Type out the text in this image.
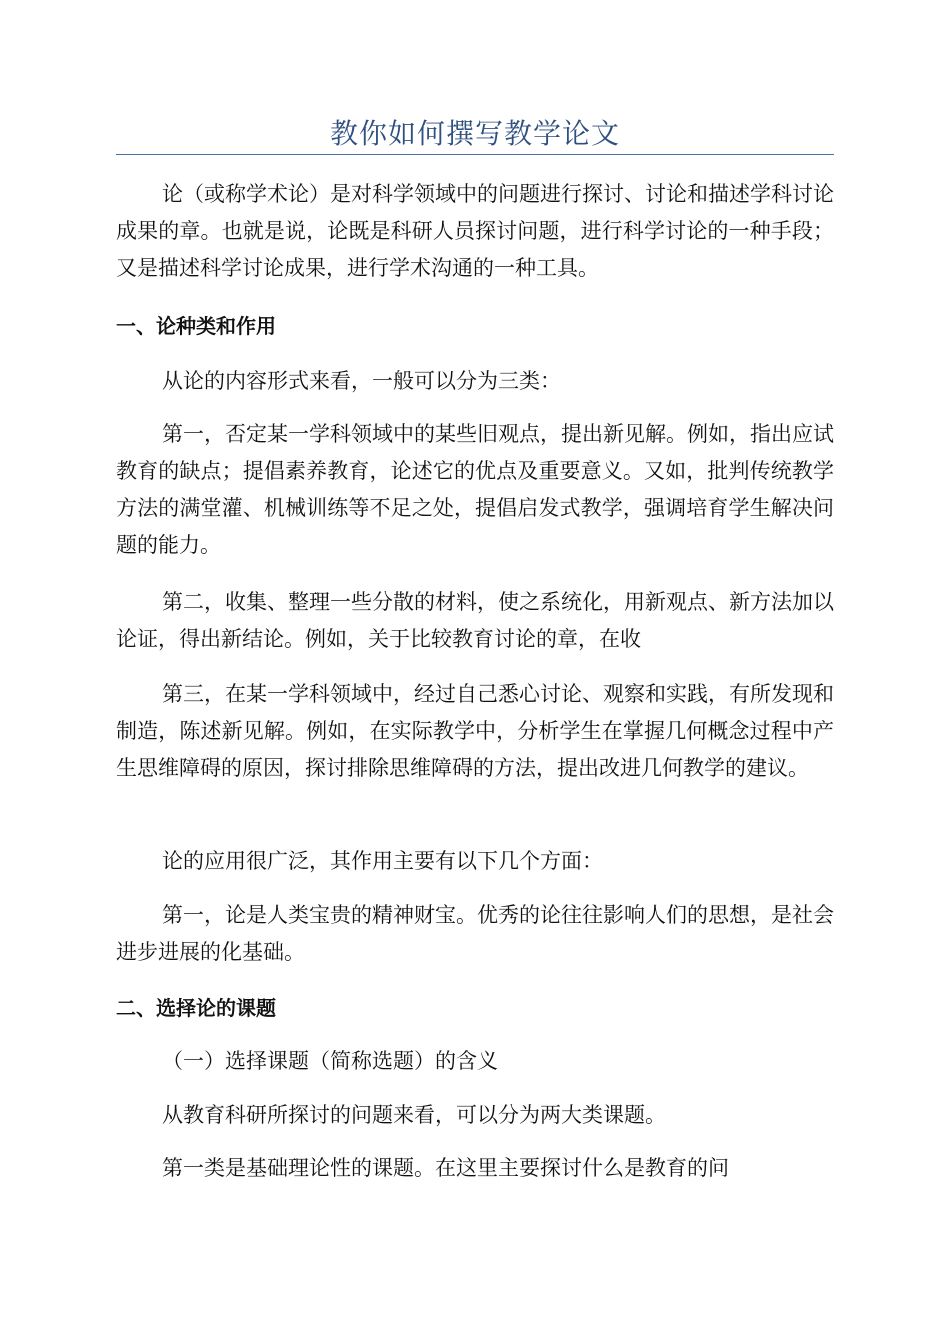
教你如何撰写教学论文

论（或称学术论）是对科学领域中的问题进行探讨、讨论和描述学科讨论成果的章。也就是说，论既是科研人员探讨问题，进行科学讨论的一种手段；又是描述科学讨论成果，进行学术沟通的一种工具。

一、论种类和作用

从论的内容形式来看，一般可以分为三类：

第一，否定某一学科领域中的某些旧观点，提出新见解。例如，指出应试教育的缺点；提倡素养教育，论述它的优点及重要意义。又如，批判传统教学方法的满堂灌、机械训练等不足之处，提倡启发式教学，强调培育学生解决问题的能力。

第二，收集、整理一些分散的材料，使之系统化，用新观点、新方法加以论证，得出新结论。例如，关于比较教育讨论的章，在收

第三，在某一学科领域中，经过自己悉心讨论、观察和实践，有所发现和制造，陈述新见解。例如，在实际教学中，分析学生在掌握几何概念过程中产生思维障碍的原因，探讨排除思维障碍的方法，提出改进几何教学的建议。

论的应用很广泛，其作用主要有以下几个方面：

第一，论是人类宝贵的精神财宝。优秀的论往往影响人们的思想，是社会进步进展的化基础。

二、选择论的课题

（一）选择课题（简称选题）的含义

从教育科研所探讨的问题来看，可以分为两大类课题。

第一类是基础理论性的课题。在这里主要探讨什么是教育的问
